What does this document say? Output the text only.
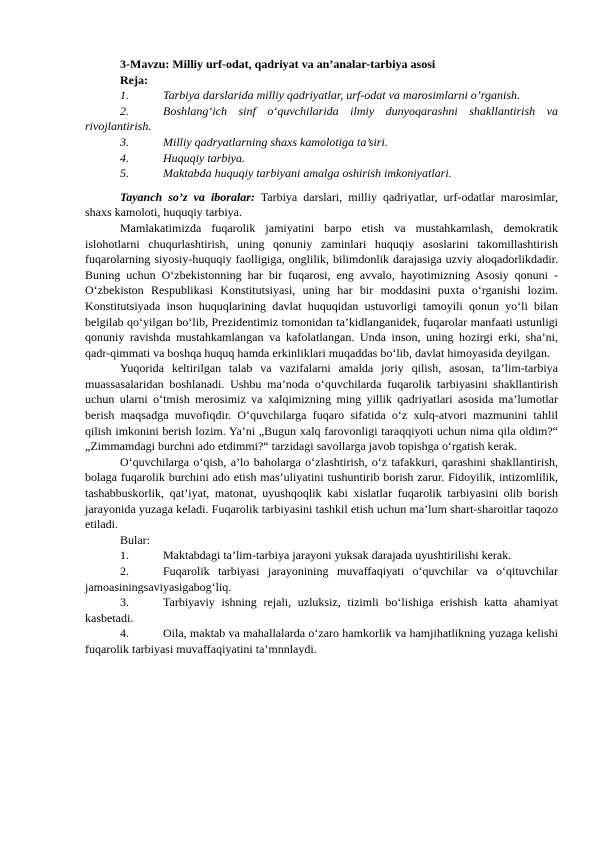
3-Mavzu: Milliy urf-odat, qadriyat va an’analar-tarbiya asosi

Reja:

1.	Tarbiya darslarida milliy qadriyatlar, urf-odat va marosimlarni o’rganish.

2.	Boshlang‘ich sinf o‘quvchilarida ilmiy dunyoqarashni shakllantirish va rivojlantirish.

3.	Milliy qadryatlarning shaxs kamolotiga ta’siri.

4.	Huquqiy tarbiya.

5.	Maktabda huquqiy tarbiyani amalga oshirish imkoniyatlari.

Tayanch so’z va iboralar: Tarbiya darslari, milliy qadriyatlar, urf-odatlar marosimlar, shaxs kamoloti, huquqiy tarbiya.

Mamlakatimizda fuqarolik jamiyatini barpo etish va mustahkamlash, demokratik islohotlarni chuqurlashtirish, uning qonuniy zaminlari huquqiy asoslarini takomillashtirish fuqarolarning siyosiy-huquqiy faolligiga, onglilik, bilimdonlik darajasiga uzviy aloqadorlikdadir. Buning uchun O‘zbekistonning har bir fuqarosi, eng avvalo, hayotimizning Asosiy qonuni -O‘zbekiston Respublikasi Konstitutsiyasi, uning har bir moddasini puxta o‘rganishi lozim. Konstitutsiyada inson huquqlarining davlat huquqidan ustuvorligi tamoyili qonun yo‘li bilan belgilab qo‘yilgan bo‘lib, Prezidentimiz tomonidan ta’kidlanganidek, fuqarolar manfaati ustunligi qonuniy ravishda mustahkamlangan va kafolatlangan. Unda inson, uning hozirgi erki, sha’ni, qadr-qimmati va boshqa huquq hamda erkinliklari muqaddas bo‘lib, davlat himoyasida deyilgan.

Yuqorida keltirilgan talab va vazifalarni amalda joriy qilish, asosan, ta’lim-tarbiya muassasalaridan boshlanadi. Ushbu ma’noda o‘quvchilarda fuqarolik tarbiyasini shakllantirish uchun ularni o‘tmish merosimiz va xalqimizning ming yillik qadriyatlari asosida ma’lumotlar berish maqsadga muvofiqdir. O‘quvchilarga fuqaro sifatida o‘z xulq-atvori mazmunini tahlil qilish imkonini berish lozim. Ya’ni „Bugun xalq farovonligi taraqqiyoti uchun nima qila oldim?“ „Zimmamdagi burchni ado etdimmi?“ tarzidagi savollarga javob topishga o‘rgatish kerak.

O‘quvchilarga o‘qish, a’lo baholarga o‘zlashtirish, o‘z tafakkuri, qarashini shakllantirish, bolaga fuqarolik burchini ado etish mas’uliyatini tushuntirib borish zarur. Fidoyilik, intizomlilik, tashabbuskorlik, qat’iyat, matonat, uyushqoqlik kabi xislatlar fuqarolik tarbiyasini olib borish jarayonida yuzaga keladi. Fuqarolik tarbiyasini tashkil etish uchun ma’lum shart-sharoitlar taqozo etiladi.

Bular:

1.	Maktabdagi ta’lim-tarbiya jarayoni yuksak darajada uyushtirilishi kerak.

2.	Fuqarolik tarbiyasi jarayonining muvaffaqiyati o‘quvchilar va o‘qituvchilar jamoasiningsaviyasigabog‘liq.

3.	Tarbiyaviy ishning rejali, uzluksiz, tizimli bo‘lishiga erishish katta ahamiyat kasbetadi.

4.	Oila, maktab va mahallalarda o‘zaro hamkorlik va hamjihatlikning yuzaga kelishi fuqarolik tarbiyasi muvaffaqiyatini ta’mnnlaydi.
